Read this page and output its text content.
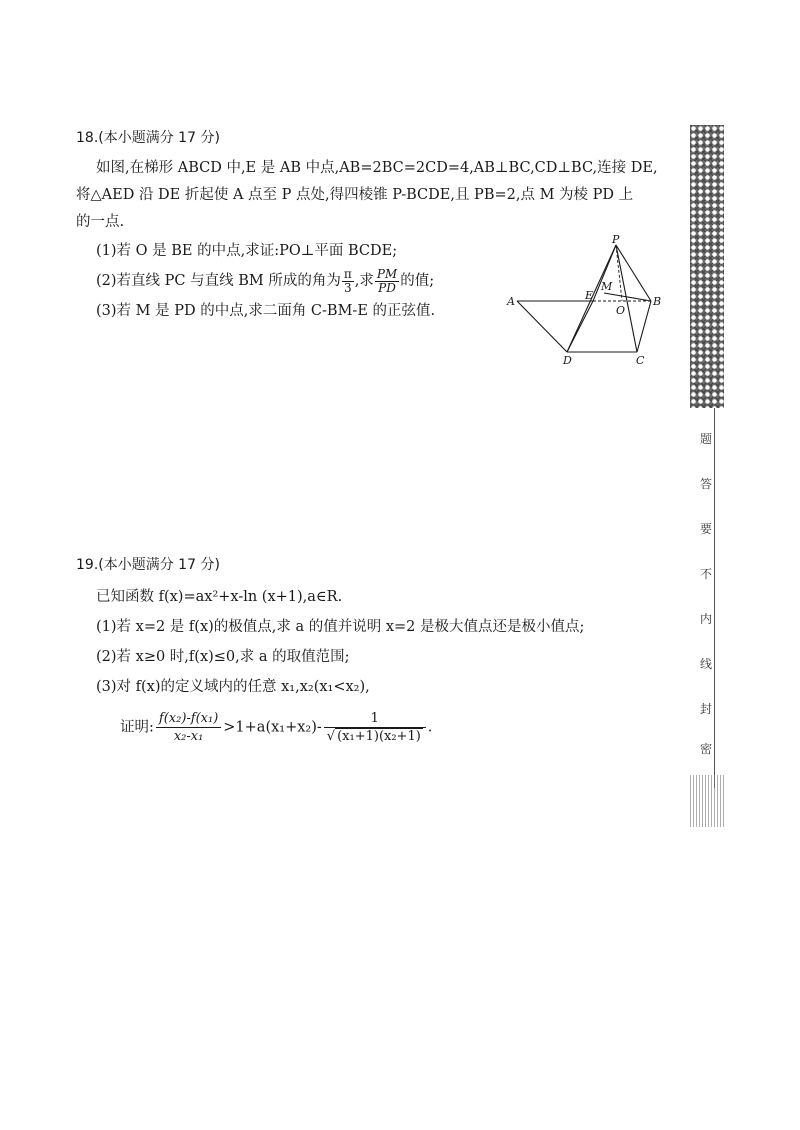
18.(本小题满分 17 分)

如图,在梯形 ABCD 中,E 是 AB 中点,AB=2BC=2CD=4,AB⊥BC,CD⊥BC,连接 DE,

将△AED 沿 DE 折起使 A 点至 P 点处,得四棱锥 P-BCDE,且 PB=2,点 M 为棱 PD 上

的一点.

(1)若 O 是 BE 的中点,求证:PO⊥平面 BCDE;

(2)若直线 PC 与直线 BM 所成的角为 $\frac{\pi}{3}$ ,求 $\frac{PM}{PD}$ 的值;

(3)若 M 是 PD 的中点,求二面角 C-BM-E 的正弦值.

P
M
A	E
O
B
D	C

19.(本小题满分 17 分)

已知函数 f(x)=ax²+x-ln (x+1),a∈R.

(1)若 x=2 是 f(x)的极值点,求 a 的值并说明 x=2 是极大值点还是极小值点;

(2)若 x≥0 时,f(x)≤0,求 a 的取值范围;

(3)对 f(x)的定义域内的任意 x₁,x₂(x₁<x₂),

证明: $\frac{\text{f(x₂)-f(x₁)}}{\text{x₂-x₁}} >1+a(x_1+x_2)- \frac{1}{\text{√ (x₁+1)(x₂+1)}}$ .
题
答
要
不
内
线
封
密
